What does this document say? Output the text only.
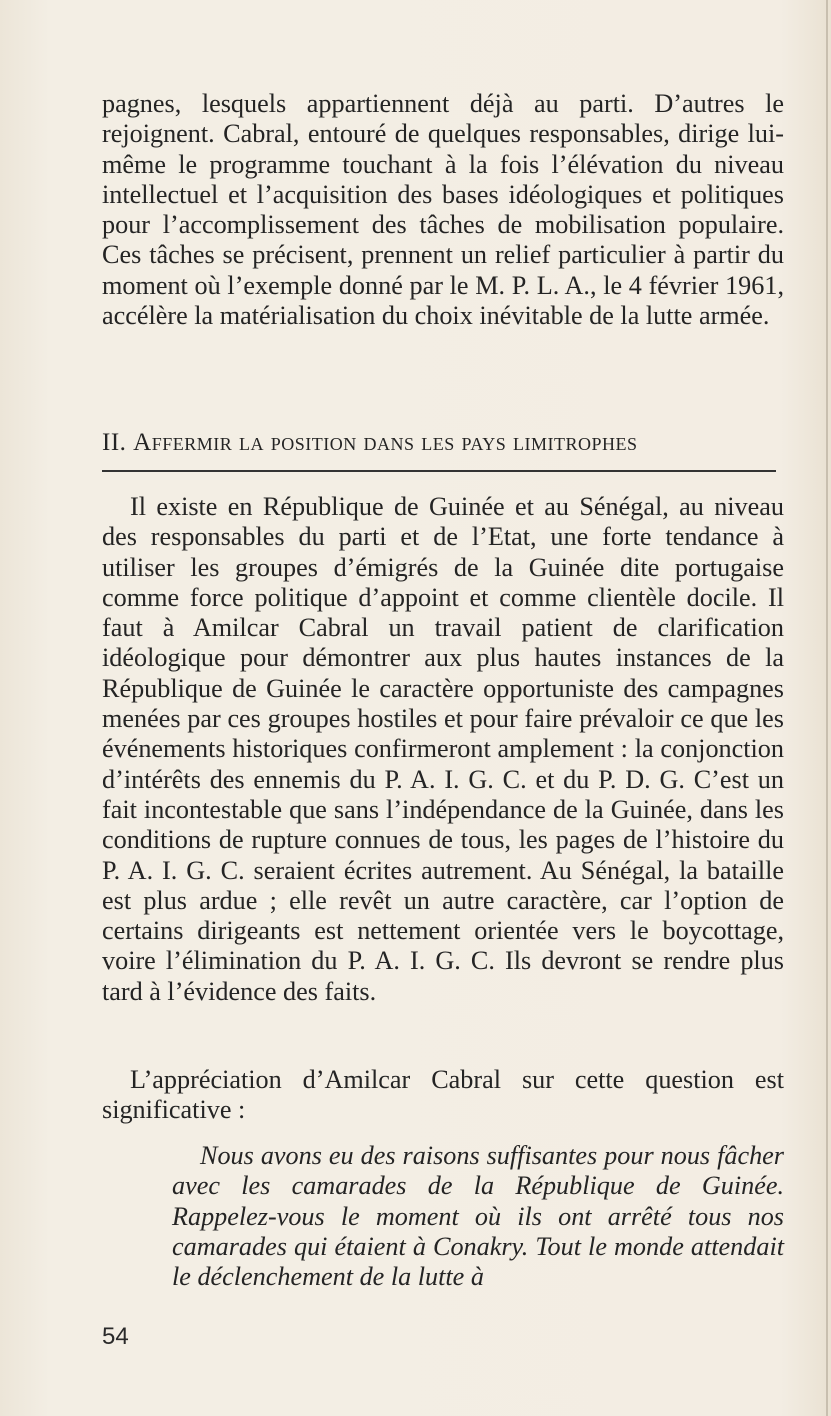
pagnes, lesquels appartiennent déjà au parti. D’autres le rejoignent. Cabral, entouré de quelques responsables, dirige lui-même le programme touchant à la fois l’élévation du niveau intellectuel et l’acquisition des bases idéologiques et politiques pour l’accomplissement des tâches de mobilisation populaire. Ces tâches se précisent, prennent un relief particulier à partir du moment où l’exemple donné par le M. P. L. A., le 4 février 1961, accélère la matérialisation du choix inévitable de la lutte armée.

II. Affermir la position dans les pays limitrophes

Il existe en République de Guinée et au Sénégal, au niveau des responsables du parti et de l’Etat, une forte tendance à utiliser les groupes d’émigrés de la Guinée dite portugaise comme force politique d’appoint et comme clientèle docile. Il faut à Amilcar Cabral un travail patient de clarification idéologique pour démontrer aux plus hautes instances de la République de Guinée le caractère opportuniste des campagnes menées par ces groupes hostiles et pour faire prévaloir ce que les événements historiques confirmeront amplement : la conjonction d’intérêts des ennemis du P. A. I. G. C. et du P. D. G. C’est un fait incontestable que sans l’indépendance de la Guinée, dans les conditions de rupture connues de tous, les pages de l’histoire du P. A. I. G. C. seraient écrites autrement. Au Sénégal, la bataille est plus ardue ; elle revêt un autre caractère, car l’option de certains dirigeants est nettement orientée vers le boycottage, voire l’élimination du P. A. I. G. C. Ils devront se rendre plus tard à l’évidence des faits.

L’appréciation d’Amilcar Cabral sur cette question est significative :

Nous avons eu des raisons suffisantes pour nous fâcher avec les camarades de la République de Guinée. Rappelez-vous le moment où ils ont arrêté tous nos camarades qui étaient à Conakry. Tout le monde attendait le déclenchement de la lutte à

54
